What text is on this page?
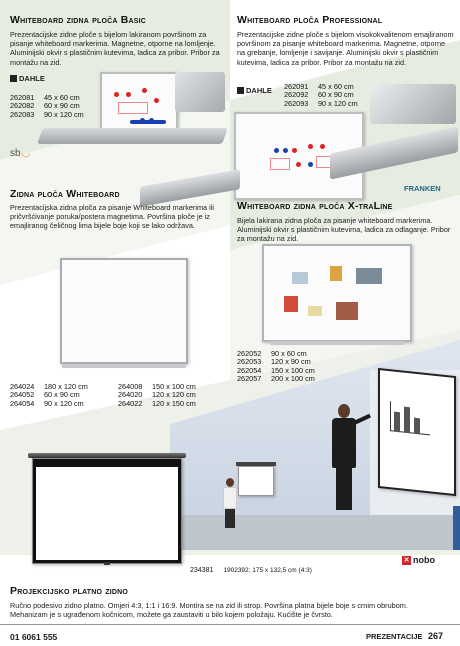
Whiteboard zidna ploča Basic
Prezentacijske zidne ploče s bijelom lakiranom površinom za pisanje whiteboard markerima. Magnetne, otporne na lomljenje. Aluminijski okvir s plastičnim kutevima, ladica za pribor. Pribor za montažu na zid.
DAHLE
262081 45 x 60 cm
262082 60 x 90 cm
262083 90 x 120 cm
Whiteboard ploča Professional
Prezentacijske zidne ploče s bijelom visokokvalitenom emajliranom površinom za pisanje whiteboard markerima. Magnetne, otporne na grebanje, lomljenje i savijanje. Aluminijski okvir s plastičnim kutevima, ladica za pribor. Pribor za montažu na zid.
DAHLE 262091 45 x 60 cm
262092 60 x 90 cm
262093 90 x 120 cm
sb ◡
FRANKEN
Zidna ploča Whiteboard
Prezentacijska zidna ploča za pisanje Whiteboard markerima ili pričvršćivanje poruka/postera magnetima. Površina ploče je iz emajliranog čeličnog lima bijele boje koji se lako održava.
264024 180 x 120 cm
264052 60 x 90 cm
264054 90 x 120 cm
264008 150 x 100 cm
264020 120 x 120 cm
264022 120 x 150 cm
Whiteboard zidna ploča X-traLine
Bijela lakirana zidna ploča za pisanje whiteboard markerima. Aluminijski okvir s plastičnim kutevima, ladica za odlaganje. Pribor za montažu na zid.
262052 90 x 60 cm
262053 120 x 90 cm
262054 150 x 100 cm
262057 200 x 100 cm
234381 1902392; 175 x 132,5 cm (4:3)
✕ nobo
Projekcijsko platno zidno
Ručno podesivo zidno platno. Omjeri 4:3, 1:1 i 16:9. Montira se na zid ili strop. Površina platna bijele boje s crnim obrubom. Mehanizam je s ugrađenom kočnicom, možete ga zaustaviti u bilo kojem položaju. Kućište je čvrsto.
01 6061 555	PREZENTACIJE 267
